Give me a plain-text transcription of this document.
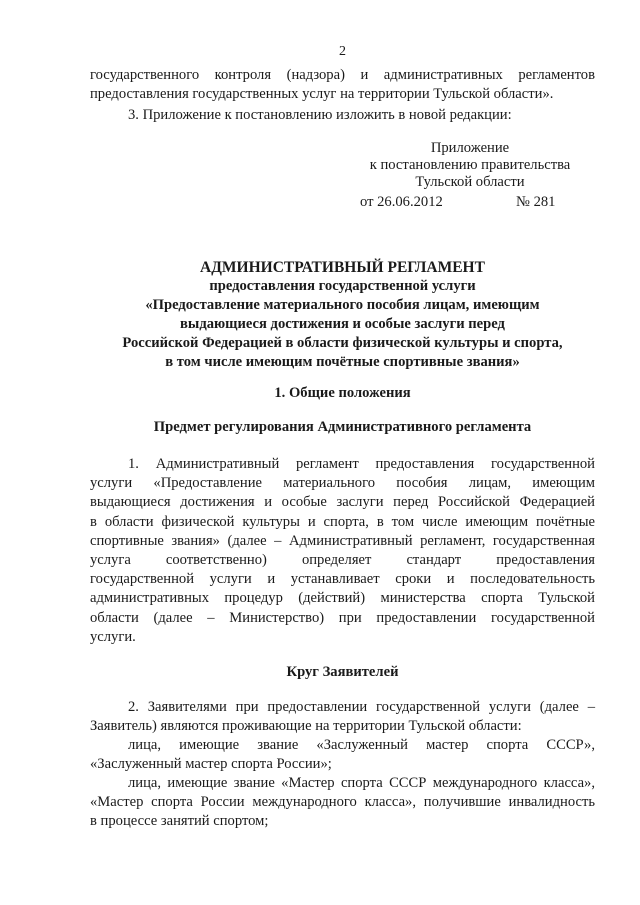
2
государственного контроля (надзора) и административных регламентов
предоставления государственных услуг на территории Тульской области».
3. Приложение к постановлению изложить в новой редакции:
Приложение
к постановлению правительства
Тульской области
от 26.06.2012	№ 281
АДМИНИСТРАТИВНЫЙ РЕГЛАМЕНТ
предоставления государственной услуги
«Предоставление материального пособия лицам, имеющим
выдающиеся достижения и особые заслуги перед
Российской Федерацией в области физической культуры и спорта,
в том числе имеющим почётные спортивные звания»
1. Общие положения
Предмет регулирования Административного регламента
1. Административный регламент предоставления государственной
услуги «Предоставление материального пособия лицам, имеющим
выдающиеся достижения и особые заслуги перед Российской Федерацией
в области физической культуры и спорта, в том числе имеющим почётные
спортивные звания» (далее – Административный регламент, государственная
услуга соответственно) определяет стандарт предоставления
государственной услуги и устанавливает сроки и последовательность
административных процедур (действий) министерства спорта Тульской
области (далее – Министерство) при предоставлении государственной
услуги.
Круг Заявителей
2. Заявителями при предоставлении государственной услуги (далее –
Заявитель) являются проживающие на территории Тульской области:
лица, имеющие звание «Заслуженный мастер спорта СССР»,
«Заслуженный мастер спорта России»;
лица, имеющие звание «Мастер спорта СССР международного класса»,
«Мастер спорта России международного класса», получившие инвалидность
в процессе занятий спортом;
